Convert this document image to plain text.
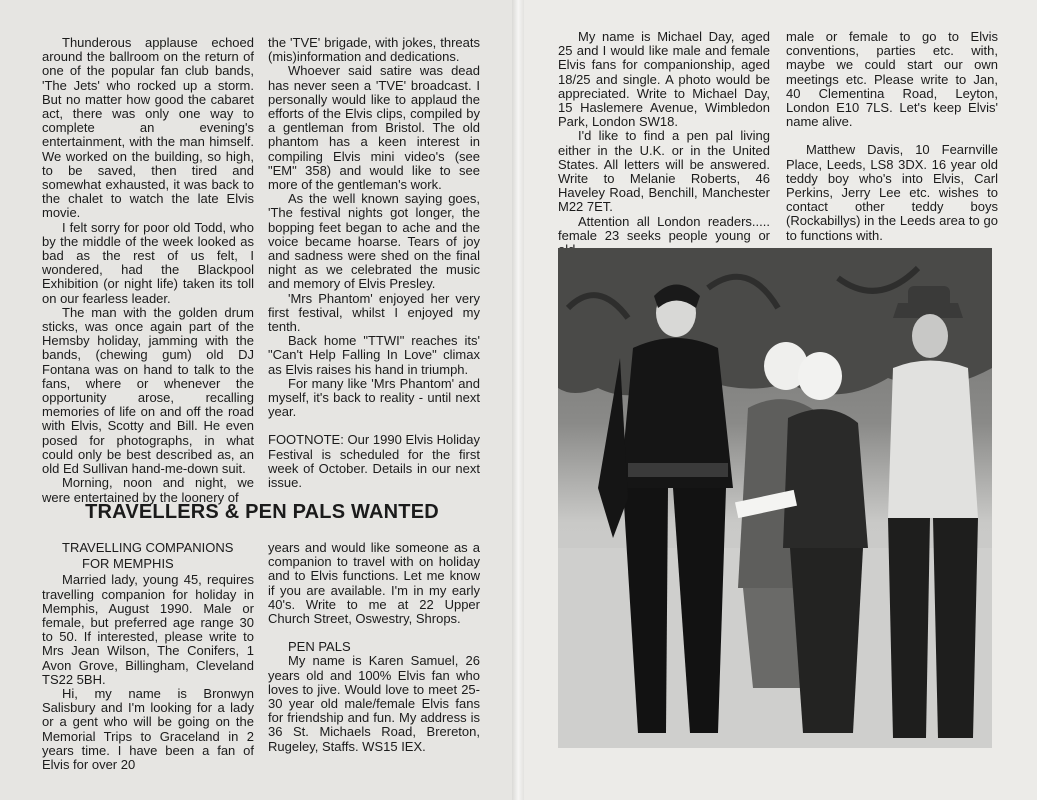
Thunderous applause echoed around the ballroom on the return of one of the popular fan club bands, 'The Jets' who rocked up a storm. But no matter how good the cabaret act, there was only one way to complete an evening's entertainment, with the man himself. We worked on the building, so high, to be saved, then tired and somewhat exhausted, it was back to the chalet to watch the late Elvis movie.

I felt sorry for poor old Todd, who by the middle of the week looked as bad as the rest of us felt, I wondered, had the Blackpool Exhibition (or night life) taken its toll on our fearless leader.

The man with the golden drum sticks, was once again part of the Hemsby holiday, jamming with the bands, (chewing gum) old DJ Fontana was on hand to talk to the fans, where or whenever the opportunity arose, recalling memories of life on and off the road with Elvis, Scotty and Bill. He even posed for photographs, in what could only be best described as, an old Ed Sullivan hand-me-down suit.

Morning, noon and night, we were entertained by the loonery of

the 'TVE' brigade, with jokes, threats (mis)information and dedications.

Whoever said satire was dead has never seen a 'TVE' broadcast. I personally would like to applaud the efforts of the Elvis clips, compiled by a gentleman from Bristol. The old phantom has a keen interest in compiling Elvis mini video's (see "EM" 358) and would like to see more of the gentleman's work.

As the well known saying goes, 'The festival nights got longer, the bopping feet began to ache and the voice became hoarse. Tears of joy and sadness were shed on the final night as we celebrated the music and memory of Elvis Presley.

'Mrs Phantom' enjoyed her very first festival, whilst I enjoyed my tenth.

Back home "TTWI" reaches its' "Can't Help Falling In Love" climax as Elvis raises his hand in triumph.

For many like 'Mrs Phantom' and myself, it's back to reality - until next year.

FOOTNOTE: Our 1990 Elvis Holiday Festival is scheduled for the first week of October. Details in our next issue.

TRAVELLERS & PEN PALS WANTED

TRAVELLING COMPANIONS

FOR MEMPHIS

Married lady, young 45, requires travelling companion for holiday in Memphis, August 1990. Male or female, but preferred age range 30 to 50. If interested, please write to Mrs Jean Wilson, The Conifers, 1 Avon Grove, Billingham, Cleveland TS22 5BH.

Hi, my name is Bronwyn Salisbury and I'm looking for a lady or a gent who will be going on the Memorial Trips to Graceland in 2 years time. I have been a fan of Elvis for over 20

years and would like someone as a companion to travel with on holiday and to Elvis functions. Let me know if you are available. I'm in my early 40's. Write to me at 22 Upper Church Street, Oswestry, Shrops.

PEN PALS

My name is Karen Samuel, 26 years old and 100% Elvis fan who loves to jive. Would love to meet 25-30 year old male/female Elvis fans for friendship and fun. My address is 36 St. Michaels Road, Brereton, Rugeley, Staffs. WS15 IEX.

My name is Michael Day, aged 25 and I would like male and female Elvis fans for companionship, aged 18/25 and single. A photo would be appreciated. Write to Michael Day, 15 Haslemere Avenue, Wimbledon Park, London SW18.

I'd like to find a pen pal living either in the U.K. or in the United States. All letters will be answered. Write to Melanie Roberts, 46 Haveley Road, Benchill, Manchester M22 7ET.

Attention all London readers..... female 23 seeks people young or

male or female to go to Elvis conventions, parties etc. with, maybe we could start our own meetings etc. Please write to Jan, 40 Clementina Road, Leyton, London E10 7LS. Let's keep Elvis' name alive.

Matthew Davis, 10 Fearnville Place, Leeds, LS8 3DX. 16 year old teddy boy who's into Elvis, Carl Perkins, Jerry Lee etc. wishes to contact other teddy boys (Rockabillys) in the Leeds area to go to functions with.
